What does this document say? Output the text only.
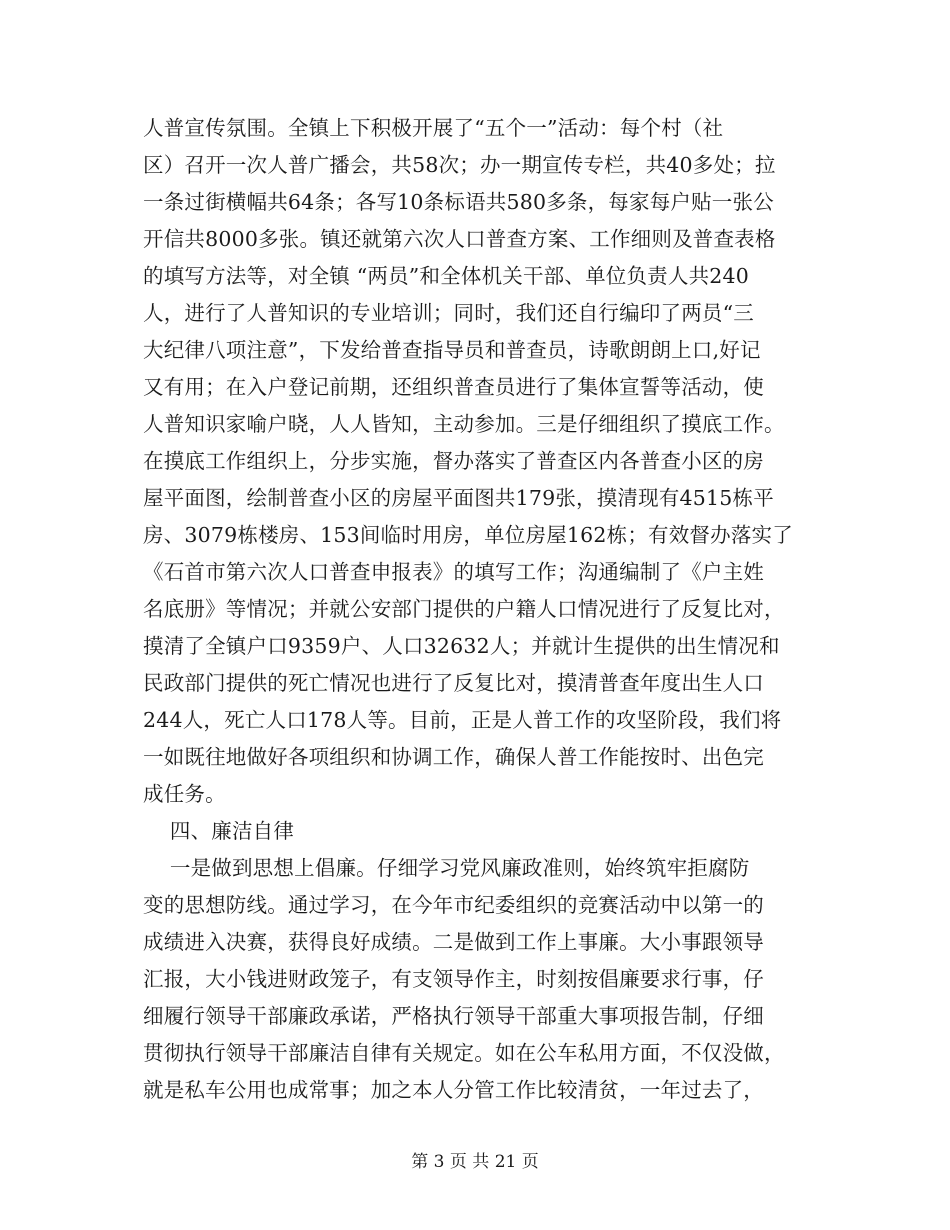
人普宣传氛围。全镇上下积极开展了“五个一”活动：每个村（社
区）召开一次人普广播会，共58次；办一期宣传专栏，共40多处；拉
一条过街横幅共64条；各写10条标语共580多条，每家每户贴一张公
开信共8000多张。镇还就第六次人口普查方案、工作细则及普查表格
的填写方法等，对全镇 “两员”和全体机关干部、单位负责人共240
人，进行了人普知识的专业培训；同时，我们还自行编印了两员“三
大纪律八项注意”，下发给普查指导员和普查员，诗歌朗朗上口,好记
又有用；在入户登记前期，还组织普查员进行了集体宣誓等活动，使
人普知识家喻户晓，人人皆知，主动参加。三是仔细组织了摸底工作。
在摸底工作组织上，分步实施，督办落实了普查区内各普查小区的房
屋平面图，绘制普查小区的房屋平面图共179张，摸清现有4515栋平
房、3079栋楼房、153间临时用房，单位房屋162栋；有效督办落实了
《石首市第六次人口普查申报表》的填写工作；沟通编制了《户主姓
名底册》等情况；并就公安部门提供的户籍人口情况进行了反复比对，
摸清了全镇户口9359户、人口32632人；并就计生提供的出生情况和
民政部门提供的死亡情况也进行了反复比对，摸清普查年度出生人口
244人，死亡人口178人等。目前，正是人普工作的攻坚阶段，我们将
一如既往地做好各项组织和协调工作，确保人普工作能按时、出色完
成任务。
四、廉洁自律
一是做到思想上倡廉。仔细学习党风廉政准则，始终筑牢拒腐防
变的思想防线。通过学习，在今年市纪委组织的竞赛活动中以第一的
成绩进入决赛，获得良好成绩。二是做到工作上事廉。大小事跟领导
汇报，大小钱进财政笼子，有支领导作主，时刻按倡廉要求行事，仔
细履行领导干部廉政承诺，严格执行领导干部重大事项报告制，仔细
贯彻执行领导干部廉洁自律有关规定。如在公车私用方面，不仅没做，
就是私车公用也成常事；加之本人分管工作比较清贫，一年过去了，
第 3 页 共 21 页
